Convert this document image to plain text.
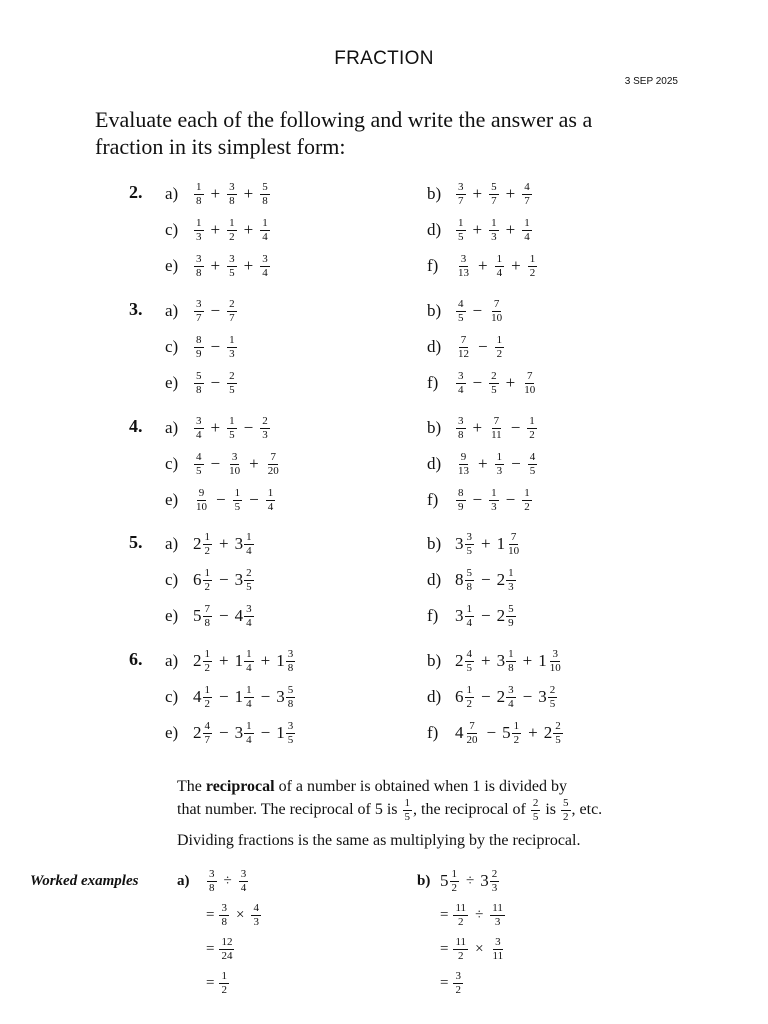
FRACTION
3 SEP 2025
Evaluate each of the following and write the answer as a fraction in its simplest form:
2. a)	$\frac{1}{8} + \frac{3}{8} + \frac{5}{8}$	b)	$\frac{3}{7} + \frac{5}{7} + \frac{4}{7}$
c)	$\frac{1}{3} + \frac{1}{2} + \frac{1}{4}$	d)	$\frac{1}{5} + \frac{1}{3} + \frac{1}{4}$
e)	$\frac{3}{8} + \frac{3}{5} + \frac{3}{4}$	f)	$\frac{3}{13} + \frac{1}{4} + \frac{1}{2}$
3. a)	$\frac{3}{7} - \frac{2}{7}$	b)	$\frac{4}{5} - \frac{7}{10}$
c)	$\frac{8}{9} - \frac{1}{3}$	d)	$\frac{7}{12} - \frac{1}{2}$
e)	$\frac{5}{8} - \frac{2}{5}$	f)	$\frac{3}{4} - \frac{2}{5} + \frac{7}{10}$
4. a)	$\frac{3}{4} + \frac{1}{5} - \frac{2}{3}$	b)	$\frac{3}{8} + \frac{7}{11} - \frac{1}{2}$
c)	$\frac{4}{5} - \frac{3}{10} + \frac{7}{20}$	d)	$\frac{9}{13} + \frac{1}{3} - \frac{4}{5}$
e)	$\frac{9}{10} - \frac{1}{5} - \frac{1}{4}$	f)	$\frac{8}{9} - \frac{1}{3} - \frac{1}{2}$
5. a) $2 \frac{1}{2} + 3 \frac{1}{4}$	b) $3 \frac{3}{5} + 1 \frac{7}{10}$
c) $6 \frac{1}{2} - 3 \frac{2}{5}$	d) $8 \frac{5}{8} - 2 \frac{1}{3}$
e) $5 \frac{7}{8} - 4 \frac{3}{4}$	f) $3 \frac{1}{4} - 2 \frac{5}{9}$
6. a) $2 \frac{1}{2} + 1 \frac{1}{4} + 1 \frac{3}{8}$	b) $2 \frac{4}{5} + 3 \frac{1}{8} + 1 \frac{3}{10}$
c) $4 \frac{1}{2} - 1 \frac{1}{4} - 3 \frac{5}{8}$	d) $6 \frac{1}{2} - 2 \frac{3}{4} - 3 \frac{2}{5}$
e) $2 \frac{4}{7} - 3 \frac{1}{4} - 1 \frac{3}{5}$	f) $4 \frac{7}{20} - 5 \frac{1}{2} + 2 \frac{2}{5}$
The reciprocal of a number is obtained when 1 is divided by
that number. The reciprocal of 5 is $\frac{1}{5}$ , the reciprocal of $\frac{2}{5}$ is $\frac{5}{2}$ , etc.
Dividing fractions is the same as multiplying by the reciprocal.
Worked examples	a)	b)
$\frac{3}{8} \div \frac{3}{4}$
= $\frac{3}{8} \times \frac{4}{3}$
= $\frac{12}{24}$
= $\frac{1}{2}$
$5 \frac{1}{2} \div 3 \frac{2}{3}$
= $\frac{11}{2} \div \frac{11}{3}$
= $\frac{11}{2} \times \frac{3}{11}$
= $\frac{3}{2}$
